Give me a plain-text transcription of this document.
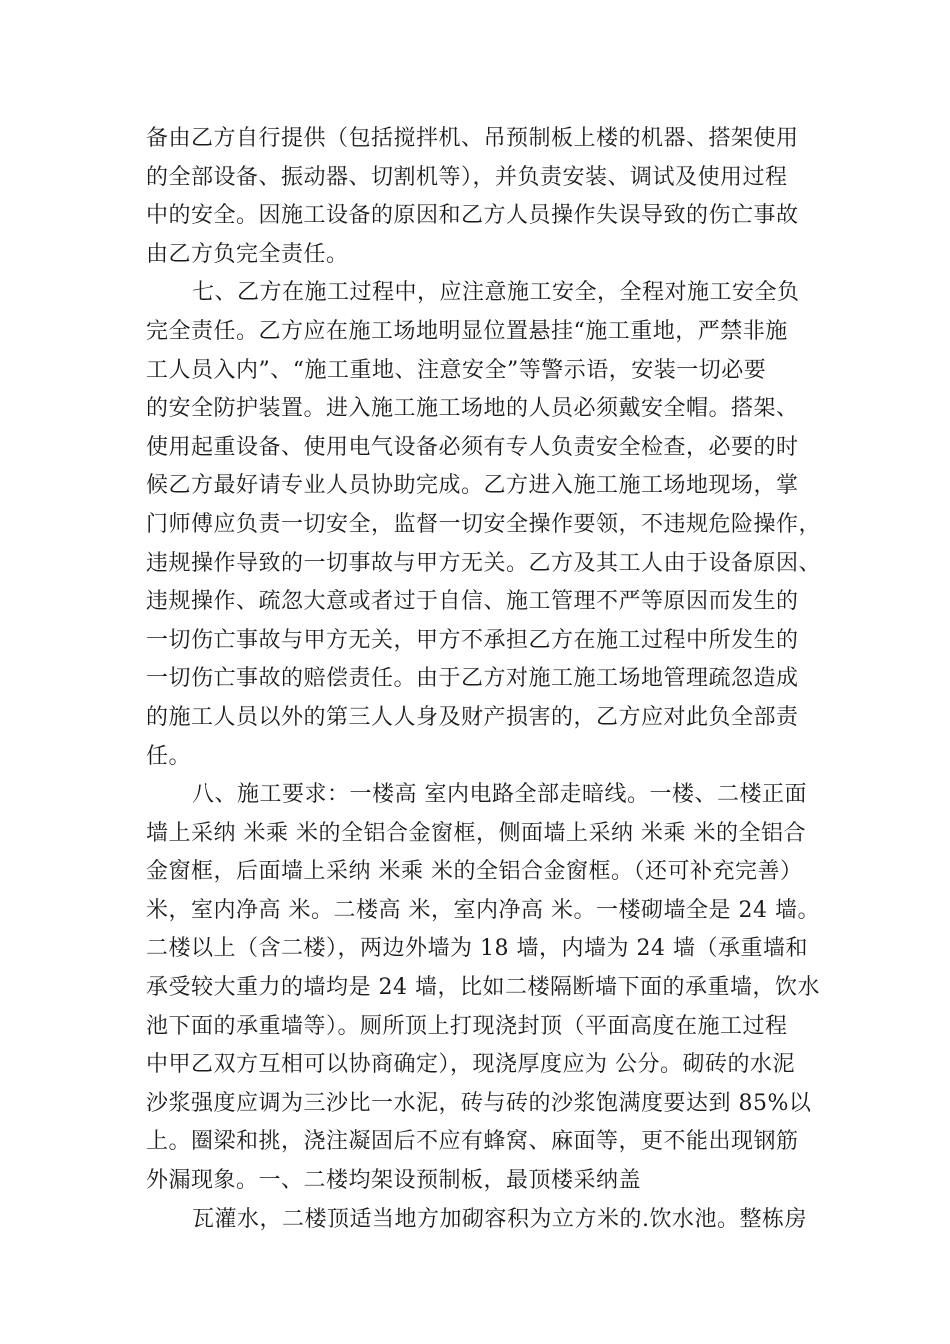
备由乙方自行提供（包括搅拌机、吊预制板上楼的机器、搭架使用
的全部设备、振动器、切割机等），并负责安装、调试及使用过程
中的安全。因施工设备的原因和乙方人员操作失误导致的伤亡事故
由乙方负完全责任。
七、乙方在施工过程中，应注意施工安全，全程对施工安全负
完全责任。乙方应在施工场地明显位置悬挂“施工重地，严禁非施
工人员入内”、“施工重地、注意安全”等警示语，安装一切必要
的安全防护装置。进入施工施工场地的人员必须戴安全帽。搭架、
使用起重设备、使用电气设备必须有专人负责安全检查，必要的时
候乙方最好请专业人员协助完成。乙方进入施工施工场地现场，掌
门师傅应负责一切安全，监督一切安全操作要领，不违规危险操作，
违规操作导致的一切事故与甲方无关。乙方及其工人由于设备原因、
违规操作、疏忽大意或者过于自信、施工管理不严等原因而发生的
一切伤亡事故与甲方无关，甲方不承担乙方在施工过程中所发生的
一切伤亡事故的赔偿责任。由于乙方对施工施工场地管理疏忽造成
的施工人员以外的第三人人身及财产损害的，乙方应对此负全部责
任。
八、施工要求：一楼高 室内电路全部走暗线。一楼、二楼正面
墙上采纳 米乘 米的全铝合金窗框，侧面墙上采纳 米乘 米的全铝合
金窗框，后面墙上采纳 米乘 米的全铝合金窗框。（还可补充完善）
米，室内净高 米。二楼高 米，室内净高 米。一楼砌墙全是 24 墙。
二楼以上（含二楼），两边外墙为 18 墙，内墙为 24 墙（承重墙和
承受较大重力的墙均是 24 墙，比如二楼隔断墙下面的承重墙，饮水
池下面的承重墙等）。厕所顶上打现浇封顶（平面高度在施工过程
中甲乙双方互相可以协商确定），现浇厚度应为 公分。砌砖的水泥
沙浆强度应调为三沙比一水泥，砖与砖的沙浆饱满度要达到 85%以
上。圈梁和挑，浇注凝固后不应有蜂窝、麻面等，更不能出现钢筋
外漏现象。一、二楼均架设预制板，最顶楼采纳盖
瓦灌水，二楼顶适当地方加砌容积为立方米的.饮水池。整栋房
